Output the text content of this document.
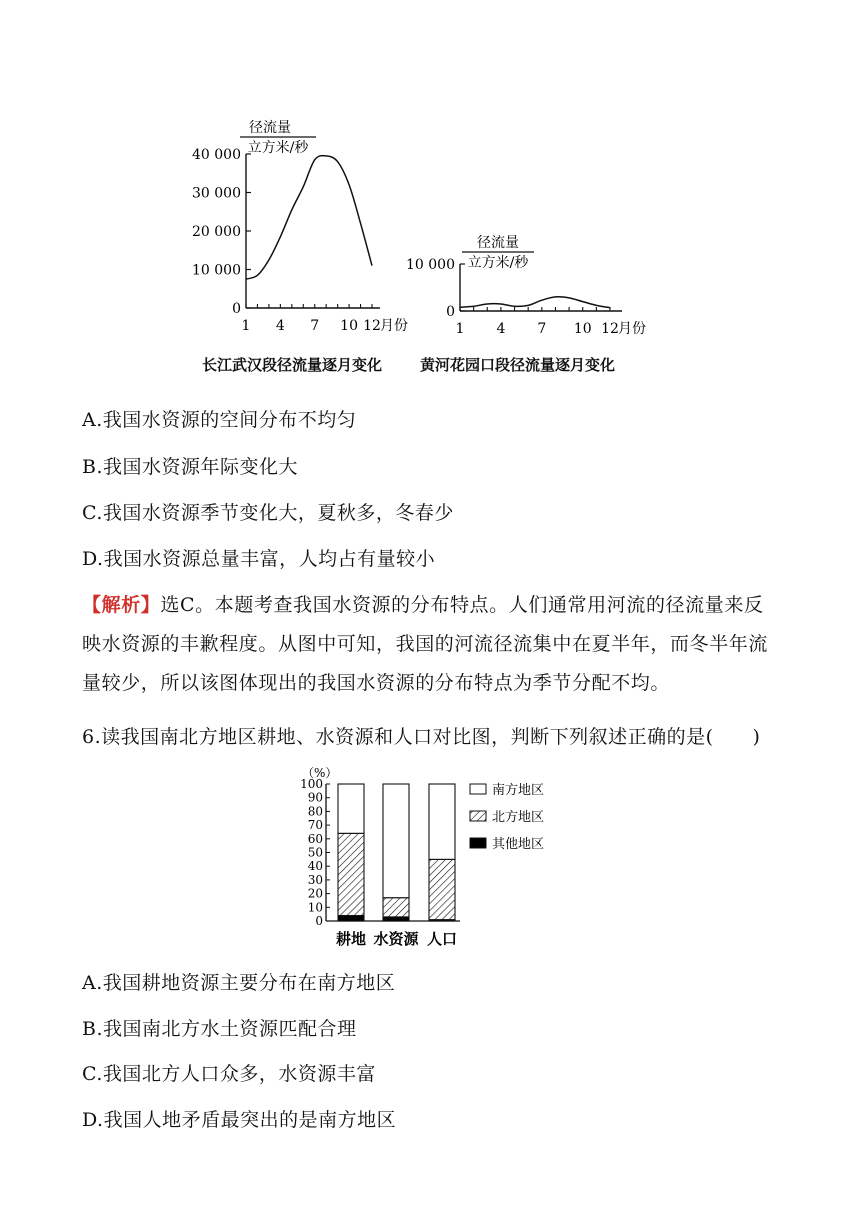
径流量
立方米/秒
0
10 000
20 000
30 000
40 000
1 4 7 10 12 月份
径流量
立方米/秒
0
10 000
1 4 7 10 12 月份
长江武汉段径流量逐月变化	黄河花园口段径流量逐月变化
A.我国水资源的空间分布不均匀
B.我国水资源年际变化大
C.我国水资源季节变化大，夏秋多，冬春少
D.我国水资源总量丰富，人均占有量较小
【解析】选C。本题考查我国水资源的分布特点。人们通常用河流的径流量来反映水资源的丰歉程度。从图中可知，我国的河流径流集中在夏半年，而冬半年流量较少，所以该图体现出的我国水资源的分布特点为季节分配不均。
6.读我国南北方地区耕地、水资源和人口对比图，判断下列叙述正确的是(　　)
（%）
0
10
20
30
40
50
60
70
80
90
100
耕地 水资源 人口
南方地区
北方地区
其他地区
A.我国耕地资源主要分布在南方地区
B.我国南北方水土资源匹配合理
C.我国北方人口众多，水资源丰富
D.我国人地矛盾最突出的是南方地区
